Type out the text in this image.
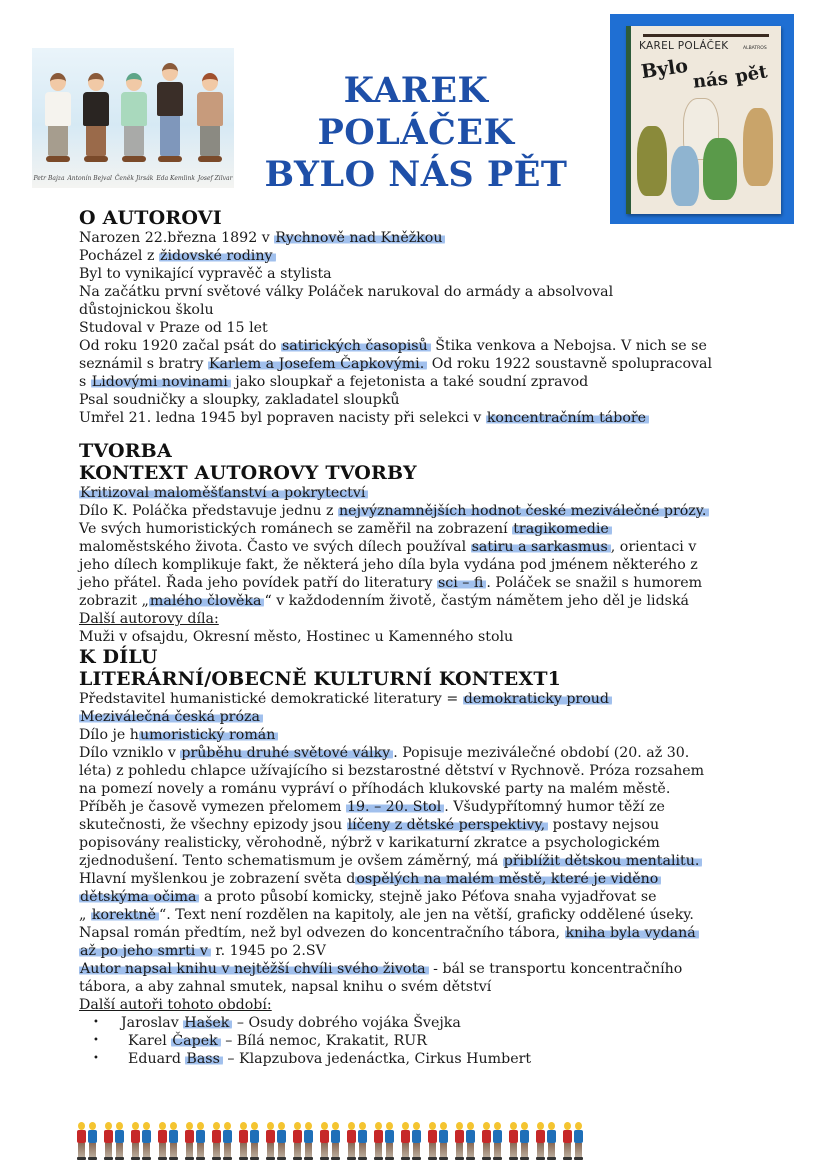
Petr Bajza Antonín Bejval Čeněk Jirsák Eda Kemlink Josef Zilvar
KAREK POLÁČEK
BYLO NÁS PĚT
KAREL POLÁČEK	ALBATROS
Bylo nás pět
O AUTOROVI
Narozen 22.března 1892 v Rychnově nad Kněžkou
Pocházel z židovské rodiny
Byl to vynikající vypravěč a stylista
Na začátku první světové války Poláček narukoval do armády a absolvoval
důstojnickou školu
Studoval v Praze od 15 let
Od roku 1920 začal psát do satirických časopisů Štika venkova a Nebojsa. V nich se se
seznámil s bratry Karlem a Josefem Čapkovými. Od roku 1922 soustavně spolupracoval
s Lidovými novinami jako sloupkař a fejetonista a také soudní zpravod
Psal soudničky a sloupky, zakladatel sloupků
Umřel 21. ledna 1945 byl popraven nacisty při selekci v koncentračním táboře
TVORBA
KONTEXT AUTOROVY TVORBY
Kritizoval maloměšťanství a pokrytectví
Dílo K. Poláčka představuje jednu z nejvýznamnějších hodnot české meziválečné prózy.
Ve svých humoristických románech se zaměřil na zobrazení tragikomedie
maloměstského života. Často ve svých dílech používal satiru a sarkasmus , orientaci v
jeho dílech komplikuje fakt, že některá jeho díla byla vydána pod jménem některého z
jeho přátel. Řada jeho povídek patří do literatury sci – fi . Poláček se snažil s humorem
zobrazit „malého člověka “ v každodenním životě, častým námětem jeho děl je lidská
Další autorovy díla:
Muži v ofsajdu, Okresní město, Hostinec u Kamenného stolu
K DÍLU
LITERÁRNÍ/OBECNĚ KULTURNÍ KONTEXT1
Představitel humanistické demokratické literatury = demokraticky proud
Meziválečná česká próza
Dílo je humoristický román
Dílo vzniklo v průběhu druhé světové války . Popisuje meziválečné období (20. až 30.
léta) z pohledu chlapce užívajícího si bezstarostné dětství v Rychnově. Próza rozsahem
na pomezí novely a románu vypráví o příhodách klukovské party na malém městě.
Příběh je časově vymezen přelomem 19. – 20. Stol . Všudypřítomný humor těží ze
skutečnosti, že všechny epizody jsou líčeny z dětské perspektivy, postavy nejsou
popisovány realisticky, věrohodně, nýbrž v karikaturní zkratce a psychologickém
zjednodušení. Tento schematismum je ovšem záměrný, má přiblížit dětskou mentalitu.
Hlavní myšlenkou je zobrazení světa dospělých na malém městě, které je viděno
dětskýma očima a proto působí komicky, stejně jako Péťova snaha vyjadřovat se
„ korektně “. Text není rozdělen na kapitoly, ale jen na větší, graficky oddělené úseky.
Napsal román předtím, než byl odvezen do koncentračního tábora, kniha byla vydaná
až po jeho smrti v r. 1945 po 2.SV
Autor napsal knihu v nejtěžší chvíli svého života - bál se transportu koncentračního
tábora, a aby zahnal smutek, napsal knihu o svém dětství
Další autoři tohoto období:
• Jaroslav Hašek – Osudy dobrého vojáka Švejka
• Karel Čapek – Bílá nemoc, Krakatit, RUR
• Eduard Bass – Klapzubova jedenáctka, Cirkus Humbert
